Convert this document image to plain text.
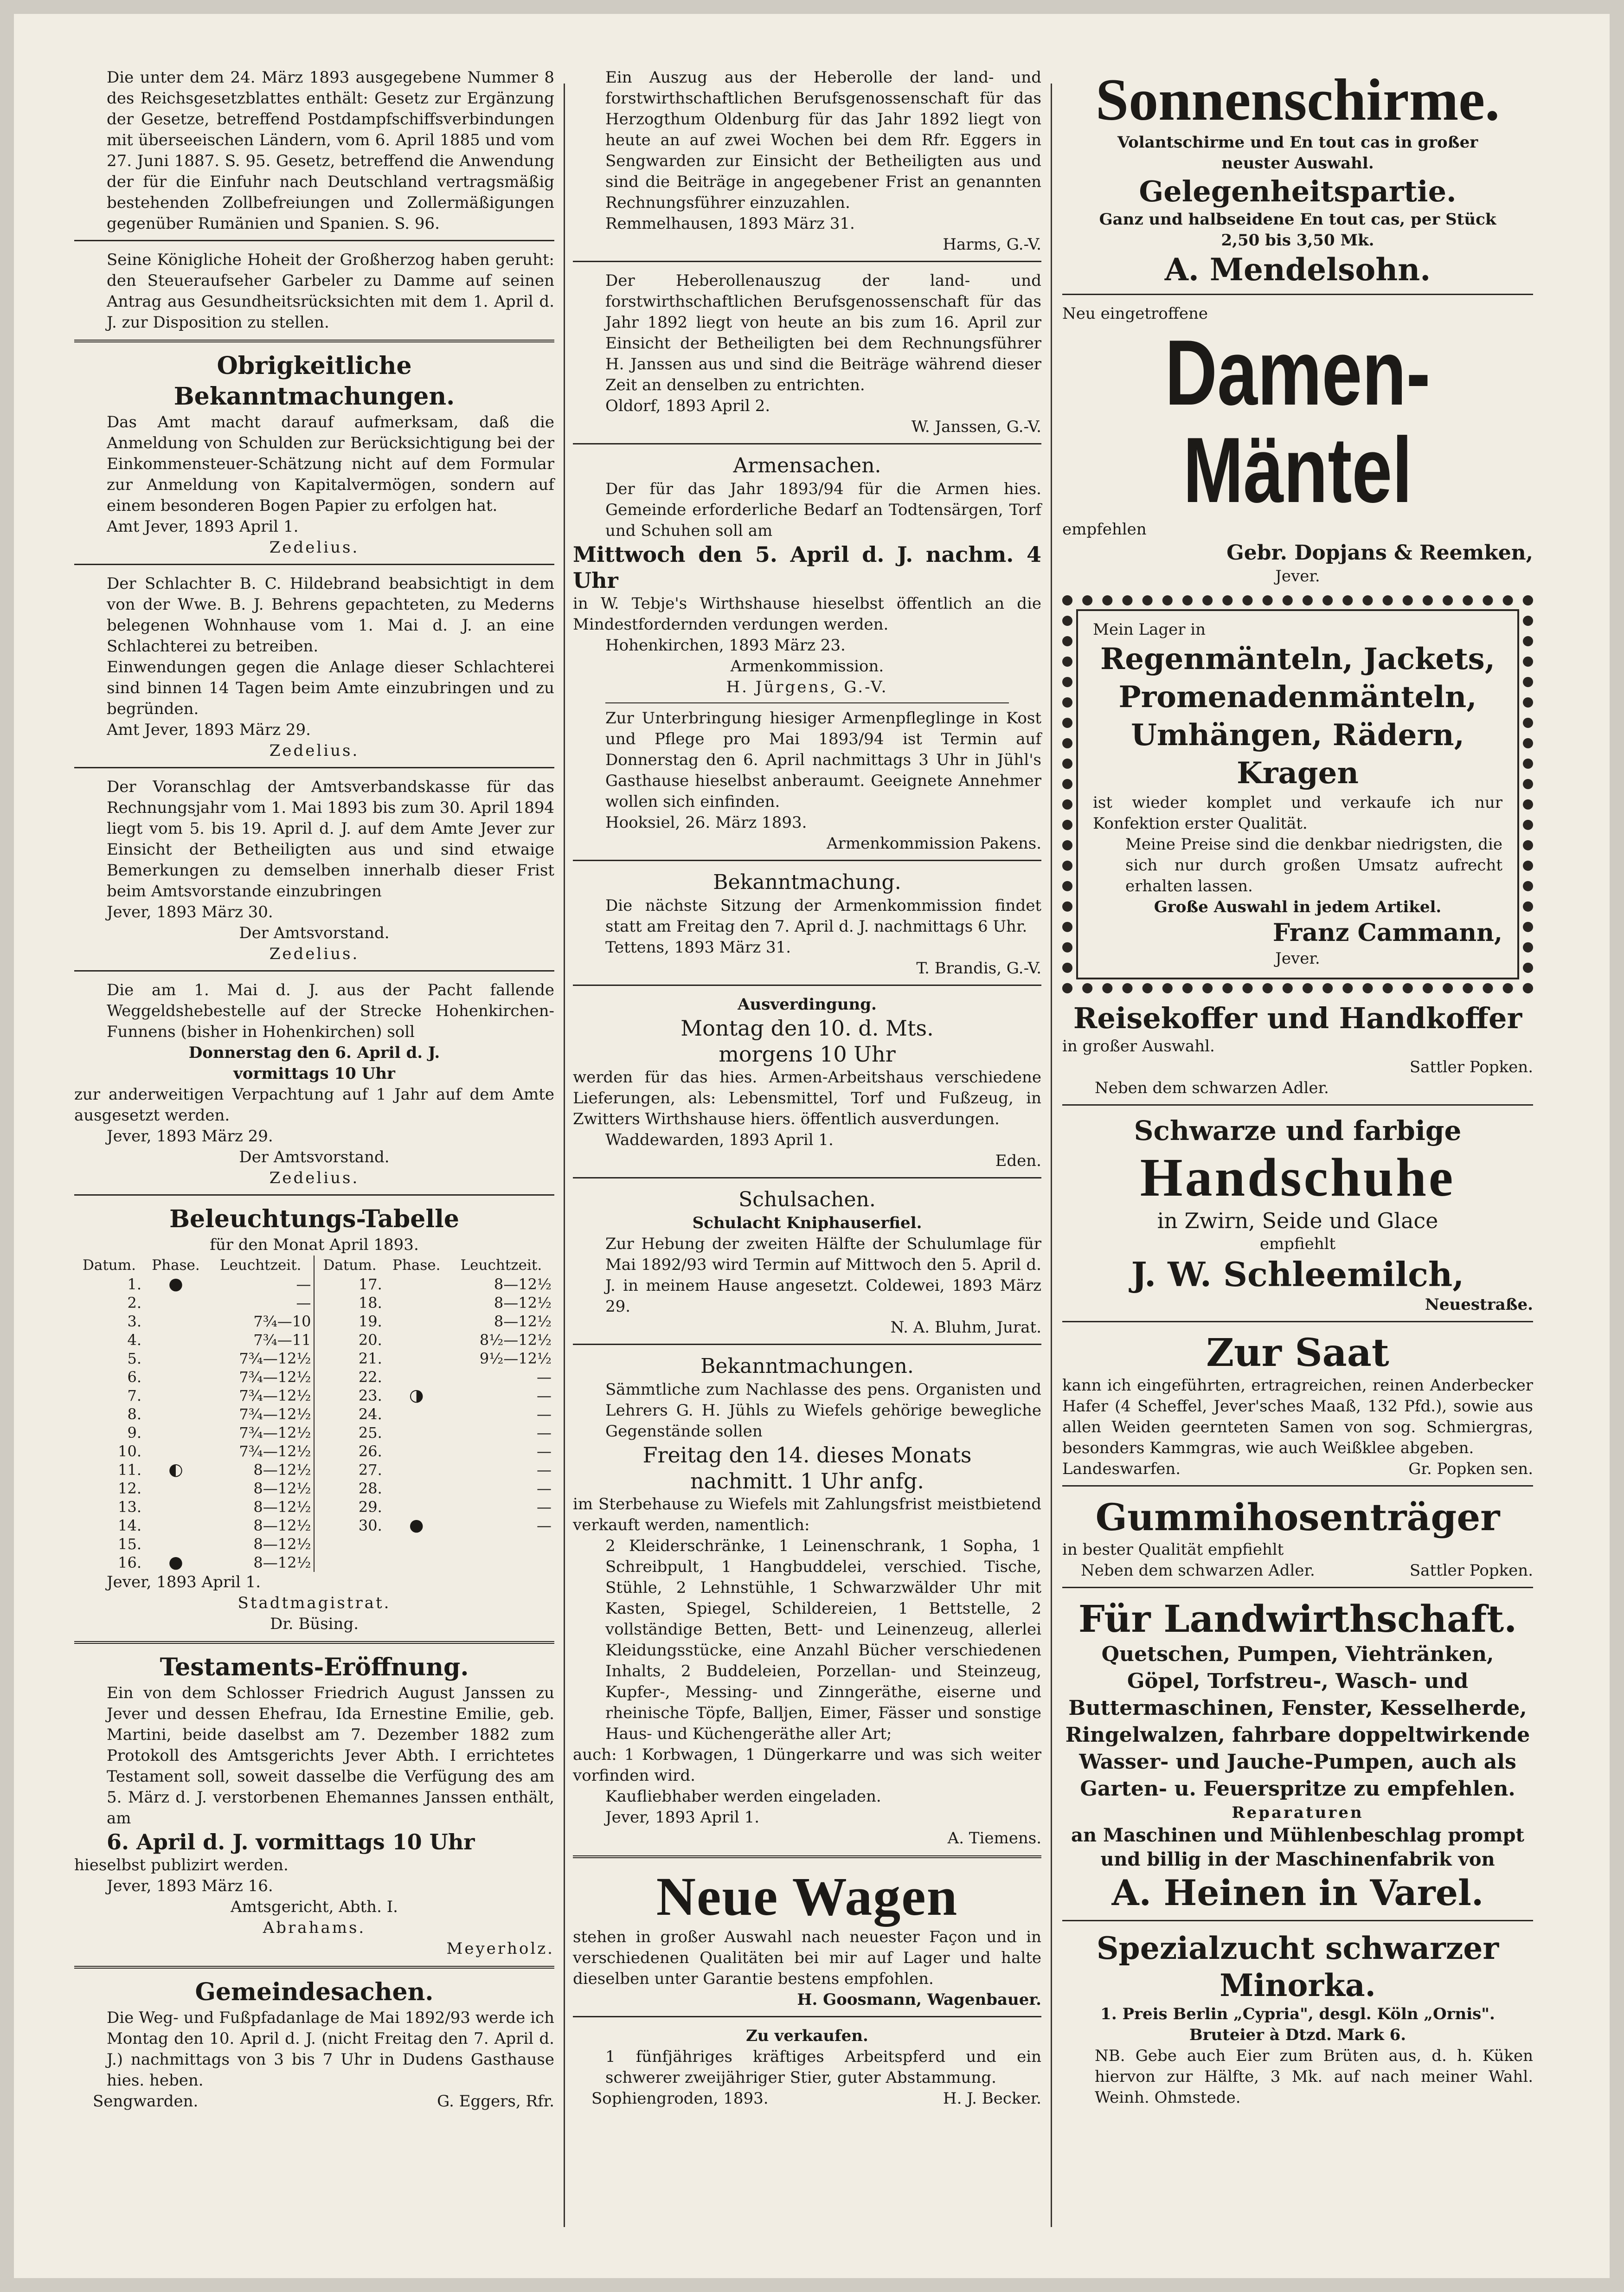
Die unter dem 24. März 1893 ausgegebene Nummer 8 des Reichsgesetzblattes enthält: Gesetz zur Ergänzung der Gesetze, betreffend Postdampfschiffsverbindungen mit überseeischen Ländern, vom 6. April 1885 und vom 27. Juni 1887. S. 95. Gesetz, betreffend die Anwendung der für die Einfuhr nach Deutschland vertragsmäßig bestehenden Zollbefreiungen und Zollermäßigungen gegenüber Rumänien und Spanien. S. 96.
Seine Königliche Hoheit der Großherzog haben geruht: den Steueraufseher Garbeler zu Damme auf seinen Antrag aus Gesundheitsrücksichten mit dem 1. April d. J. zur Disposition zu stellen.
Obrigkeitliche Bekanntmachungen.
Das Amt macht darauf aufmerksam, daß die Anmeldung von Schulden zur Berücksichtigung bei der Einkommensteuer-Schätzung nicht auf dem Formular zur Anmeldung von Kapitalvermögen, sondern auf einem besonderen Bogen Papier zu erfolgen hat.
Amt Jever, 1893 April 1.
Zedelius.
Der Schlachter B. C. Hildebrand beabsichtigt in dem von der Wwe. B. J. Behrens gepachteten, zu Mederns belegenen Wohnhause vom 1. Mai d. J. an eine Schlachterei zu betreiben.
Einwendungen gegen die Anlage dieser Schlachterei sind binnen 14 Tagen beim Amte einzubringen und zu begründen.
Amt Jever, 1893 März 29.
Zedelius.
Der Voranschlag der Amtsverbandskasse für das Rechnungsjahr vom 1. Mai 1893 bis zum 30. April 1894 liegt vom 5. bis 19. April d. J. auf dem Amte Jever zur Einsicht der Betheiligten aus und sind etwaige Bemerkungen zu demselben innerhalb dieser Frist beim Amtsvorstande einzubringen
Jever, 1893 März 30.
Der Amtsvorstand.
Zedelius.
Die am 1. Mai d. J. aus der Pacht fallende Weggeldshebestelle auf der Strecke Hohenkirchen-Funnens (bisher in Hohenkirchen) soll
Donnerstag den 6. April d. J.
vormittags 10 Uhr
zur anderweitigen Verpachtung auf 1 Jahr auf dem Amte ausgesetzt werden.
Jever, 1893 März 29.
Der Amtsvorstand.
Zedelius.
Beleuchtungs-Tabelle
für den Monat April 1893.
Datum.	Phase.	Leuchtzeit.	Datum.	Phase.	Leuchtzeit.
1.	●	—	17.		8—12½
2.		—	18.		8—12½
3.		7¾—10	19.		8—12½
4.		7¾—11	20.		8½—12½
5.		7¾—12½	21.		9½—12½
6.		7¾—12½	22.		—
7.		7¾—12½	23.	◑	—
8.		7¾—12½	24.		—
9.		7¾—12½	25.		—
10.		7¾—12½	26.		—
11.	◐	8—12½	27.		—
12.		8—12½	28.		—
13.		8—12½	29.		—
14.		8—12½	30.	●	—
15.		8—12½			
16.	●	8—12½			
Jever, 1893 April 1.
Stadtmagistrat.
Dr. Büsing.
Testaments-Eröffnung.
Ein von dem Schlosser Friedrich August Janssen zu Jever und dessen Ehefrau, Ida Ernestine Emilie, geb. Martini, beide daselbst am 7. Dezember 1882 zum Protokoll des Amtsgerichts Jever Abth. I errichtetes Testament soll, soweit dasselbe die Verfügung des am 5. März d. J. verstorbenen Ehemannes Janssen enthält, am
6. April d. J. vormittags 10 Uhr
hieselbst publizirt werden.
Jever, 1893 März 16.
Amtsgericht, Abth. I.
Abrahams.
Meyerholz.
Gemeindesachen.
Die Weg- und Fußpfadanlage de Mai 1892/93 werde ich Montag den 10. April d. J. (nicht Freitag den 7. April d. J.) nachmittags von 3 bis 7 Uhr in Dudens Gasthause hies. heben.
Sengwarden.	G. Eggers, Rfr.
Ein Auszug aus der Heberolle der land- und forstwirthschaftlichen Berufsgenossenschaft für das Herzogthum Oldenburg für das Jahr 1892 liegt von heute an auf zwei Wochen bei dem Rfr. Eggers in Sengwarden zur Einsicht der Betheiligten aus und sind die Beiträge in angegebener Frist an genannten Rechnungsführer einzuzahlen.
Remmelhausen, 1893 März 31.
Harms, G.-V.
Der Heberollenauszug der land- und forstwirthschaftlichen Berufsgenossenschaft für das Jahr 1892 liegt von heute an bis zum 16. April zur Einsicht der Betheiligten bei dem Rechnungsführer H. Janssen aus und sind die Beiträge während dieser Zeit an denselben zu entrichten.
Oldorf, 1893 April 2.
W. Janssen, G.-V.
Armensachen.
Der für das Jahr 1893/94 für die Armen hies. Gemeinde erforderliche Bedarf an Todtensärgen, Torf und Schuhen soll am
Mittwoch den 5. April d. J. nachm. 4 Uhr
in W. Tebje's Wirthshause hieselbst öffentlich an die Mindestfordernden verdungen werden.
Hohenkirchen, 1893 März 23.
Armenkommission.
H. Jürgens, G.-V.
Zur Unterbringung hiesiger Armenpfleglinge in Kost und Pflege pro Mai 1893/94 ist Termin auf Donnerstag den 6. April nachmittags 3 Uhr in Jühl's Gasthause hieselbst anberaumt. Geeignete Annehmer wollen sich einfinden.
Hooksiel, 26. März 1893.
Armenkommission Pakens.
Bekanntmachung.
Die nächste Sitzung der Armenkommission findet statt am Freitag den 7. April d. J. nachmittags 6 Uhr.
Tettens, 1893 März 31.
T. Brandis, G.-V.
Ausverdingung.
Montag den 10. d. Mts.
morgens 10 Uhr
werden für das hies. Armen-Arbeitshaus verschiedene Lieferungen, als: Lebensmittel, Torf und Fußzeug, in Zwitters Wirthshause hiers. öffentlich ausverdungen.
Waddewarden, 1893 April 1.
Eden.
Schulsachen.
Schulacht Kniphauserfiel.
Zur Hebung der zweiten Hälfte der Schulumlage für Mai 1892/93 wird Termin auf Mittwoch den 5. April d. J. in meinem Hause angesetzt. Coldewei, 1893 März 29.
N. A. Bluhm, Jurat.
Bekanntmachungen.
Sämmtliche zum Nachlasse des pens. Organisten und Lehrers G. H. Jühls zu Wiefels gehörige bewegliche Gegenstände sollen
Freitag den 14. dieses Monats
nachmitt. 1 Uhr anfg.
im Sterbehause zu Wiefels mit Zahlungsfrist meistbietend verkauft werden, namentlich:
2 Kleiderschränke, 1 Leinenschrank, 1 Sopha, 1 Schreibpult, 1 Hangbuddelei, verschied. Tische, Stühle, 2 Lehnstühle, 1 Schwarzwälder Uhr mit Kasten, Spiegel, Schildereien, 1 Bettstelle, 2 vollständige Betten, Bett- und Leinenzeug, allerlei Kleidungsstücke, eine Anzahl Bücher verschiedenen Inhalts, 2 Buddeleien, Porzellan- und Steinzeug, Kupfer-, Messing- und Zinngeräthe, eiserne und rheinische Töpfe, Balljen, Eimer, Fässer und sonstige Haus- und Küchengeräthe aller Art;
auch: 1 Korbwagen, 1 Düngerkarre und was sich weiter vorfinden wird.
Kaufliebhaber werden eingeladen.
Jever, 1893 April 1.
A. Tiemens.
Neue Wagen
stehen in großer Auswahl nach neuester Façon und in verschiedenen Qualitäten bei mir auf Lager und halte dieselben unter Garantie bestens empfohlen.
H. Goosmann, Wagenbauer.
Zu verkaufen.
1 fünfjähriges kräftiges Arbeitspferd und ein schwerer zweijähriger Stier, guter Abstammung.
Sophiengroden, 1893.	H. J. Becker.
Sonnenschirme.
Volantschirme und En tout cas in großer
neuster Auswahl.
Gelegenheitspartie.
Ganz und halbseidene En tout cas, per Stück
2,50 bis 3,50 Mk.
A. Mendelsohn.
Neu eingetroffene
Damen-Mäntel
empfehlen
Gebr. Dopjans & Reemken,
Jever.
Mein Lager in
Regenmänteln, Jackets,
Promenadenmänteln,
Umhängen, Rädern,
Kragen
ist wieder komplet und verkaufe ich nur Konfektion erster Qualität.
Meine Preise sind die denkbar niedrigsten, die sich nur durch großen Umsatz aufrecht erhalten lassen.
Große Auswahl in jedem Artikel.
Franz Cammann,
Jever.
Reisekoffer und Handkoffer
in großer Auswahl.
Sattler Popken.
Neben dem schwarzen Adler.
Schwarze und farbige
Handschuhe
in Zwirn, Seide und Glace
empfiehlt
J. W. Schleemilch,
Neuestraße.
Zur Saat
kann ich eingeführten, ertragreichen, reinen Anderbecker Hafer (4 Scheffel, Jever'sches Maaß, 132 Pfd.), sowie aus allen Weiden geernteten Samen von sog. Schmiergras, besonders Kammgras, wie auch Weißklee abgeben.
Landeswarfen.	Gr. Popken sen.
Gummihosenträger
in bester Qualität empfiehlt
Neben dem schwarzen Adler.	Sattler Popken.
Für Landwirthschaft.
Quetschen, Pumpen, Viehtränken, Göpel, Torfstreu-, Wasch- und Buttermaschinen, Fenster, Kesselherde, Ringelwalzen, fahrbare doppeltwirkende Wasser- und Jauche-Pumpen, auch als Garten- u. Feuerspritze zu empfehlen.
Reparaturen
an Maschinen und Mühlenbeschlag prompt und billig in der Maschinenfabrik von
A. Heinen in Varel.
Spezialzucht schwarzer Minorka.
1. Preis Berlin „Cypria", desgl. Köln „Ornis".
Bruteier à Dtzd. Mark 6.
NB. Gebe auch Eier zum Brüten aus, d. h. Küken hiervon zur Hälfte, 3 Mk. auf nach meiner Wahl. Weinh. Ohmstede.
